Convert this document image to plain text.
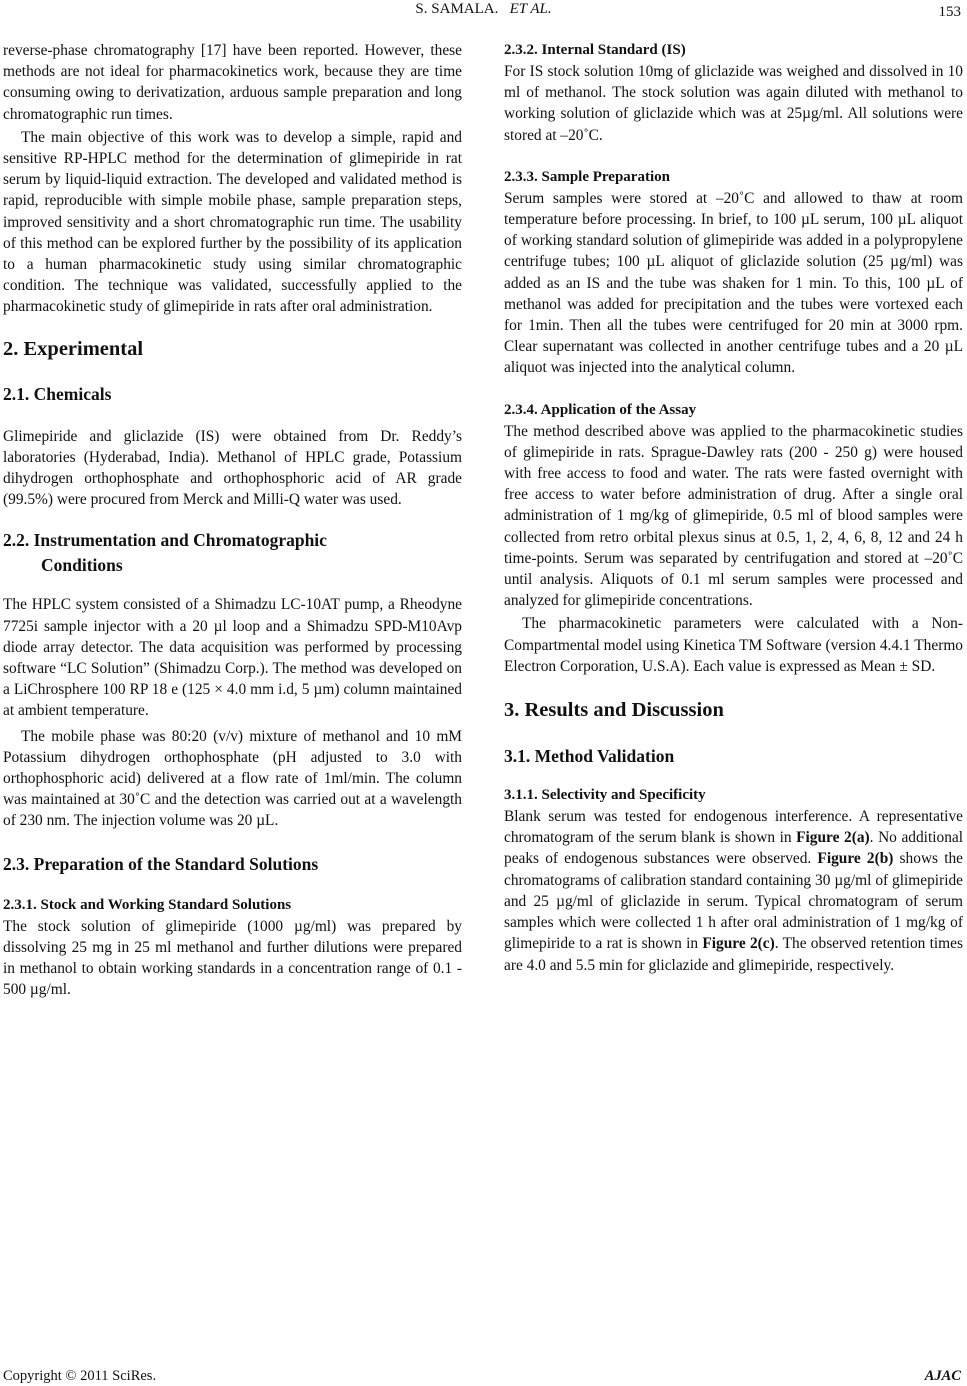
S. SAMALA. ET AL.	153

reverse-phase chromatography [17] have been reported. However, these methods are not ideal for pharmacokinetics work, because they are time consuming owing to derivatization, arduous sample preparation and long chromatographic run times.

The main objective of this work was to develop a simple, rapid and sensitive RP-HPLC method for the determination of glimepiride in rat serum by liquid-liquid extraction. The developed and validated method is rapid, reproducible with simple mobile phase, sample preparation steps, improved sensitivity and a short chromatographic run time. The usability of this method can be explored further by the possibility of its application to a human pharmacokinetic study using similar chromatographic condition. The technique was validated, successfully applied to the pharmacokinetic study of glimepiride in rats after oral administration.

2. Experimental
2.1. Chemicals

Glimepiride and gliclazide (IS) were obtained from Dr. Reddy’s laboratories (Hyderabad, India). Methanol of HPLC grade, Potassium dihydrogen orthophosphate and orthophosphoric acid of AR grade (99.5%) were procured from Merck and Milli-Q water was used.

2.2. Instrumentation and Chromatographic
Conditions

The HPLC system consisted of a Shimadzu LC-10AT pump, a Rheodyne 7725i sample injector with a 20 µl loop and a Shimadzu SPD-M10Avp diode array detector. The data acquisition was performed by processing software “LC Solution” (Shimadzu Corp.). The method was developed on a LiChrosphere 100 RP 18 e (125 × 4.0 mm i.d, 5 µm) column maintained at ambient temperature.

The mobile phase was 80:20 (v/v) mixture of methanol and 10 mM Potassium dihydrogen orthophosphate (pH adjusted to 3.0 with orthophosphoric acid) delivered at a flow rate of 1ml/min. The column was maintained at 30˚C and the detection was carried out at a wavelength of 230 nm. The injection volume was 20 µL.

2.3. Preparation of the Standard Solutions
2.3.1. Stock and Working Standard Solutions

The stock solution of glimepiride (1000 µg/ml) was prepared by dissolving 25 mg in 25 ml methanol and further dilutions were prepared in methanol to obtain working standards in a concentration range of 0.1 - 500 µg/ml.

2.3.2. Internal Standard (IS)

For IS stock solution 10mg of gliclazide was weighed and dissolved in 10 ml of methanol. The stock solution was again diluted with methanol to working solution of gliclazide which was at 25µg/ml. All solutions were stored at –20˚C.

2.3.3. Sample Preparation

Serum samples were stored at –20˚C and allowed to thaw at room temperature before processing. In brief, to 100 µL serum, 100 µL aliquot of working standard solution of glimepiride was added in a polypropylene centrifuge tubes; 100 µL aliquot of gliclazide solution (25 µg/ml) was added as an IS and the tube was shaken for 1 min. To this, 100 µL of methanol was added for precipitation and the tubes were vortexed each for 1min. Then all the tubes were centrifuged for 20 min at 3000 rpm. Clear supernatant was collected in another centrifuge tubes and a 20 µL aliquot was injected into the analytical column.

2.3.4. Application of the Assay

The method described above was applied to the pharmacokinetic studies of glimepiride in rats. Sprague-Dawley rats (200 - 250 g) were housed with free access to food and water. The rats were fasted overnight with free access to water before administration of drug. After a single oral administration of 1 mg/kg of glimepiride, 0.5 ml of blood samples were collected from retro orbital plexus sinus at 0.5, 1, 2, 4, 6, 8, 12 and 24 h time-points. Serum was separated by centrifugation and stored at –20˚C until analysis. Aliquots of 0.1 ml serum samples were processed and analyzed for glimepiride concentrations.

The pharmacokinetic parameters were calculated with a Non-Compartmental model using Kinetica TM Software (version 4.4.1 Thermo Electron Corporation, U.S.A). Each value is expressed as Mean ± SD.

3. Results and Discussion
3.1. Method Validation
3.1.1. Selectivity and Specificity

Blank serum was tested for endogenous interference. A representative chromatogram of the serum blank is shown in Figure 2(a). No additional peaks of endogenous substances were observed. Figure 2(b) shows the chromatograms of calibration standard containing 30 µg/ml of glimepiride and 25 µg/ml of gliclazide in serum. Typical chromatogram of serum samples which were collected 1 h after oral administration of 1 mg/kg of glimepiride to a rat is shown in Figure 2(c). The observed retention times are 4.0 and 5.5 min for gliclazide and glimepiride, respectively.

Copyright © 2011 SciRes.	AJAC
